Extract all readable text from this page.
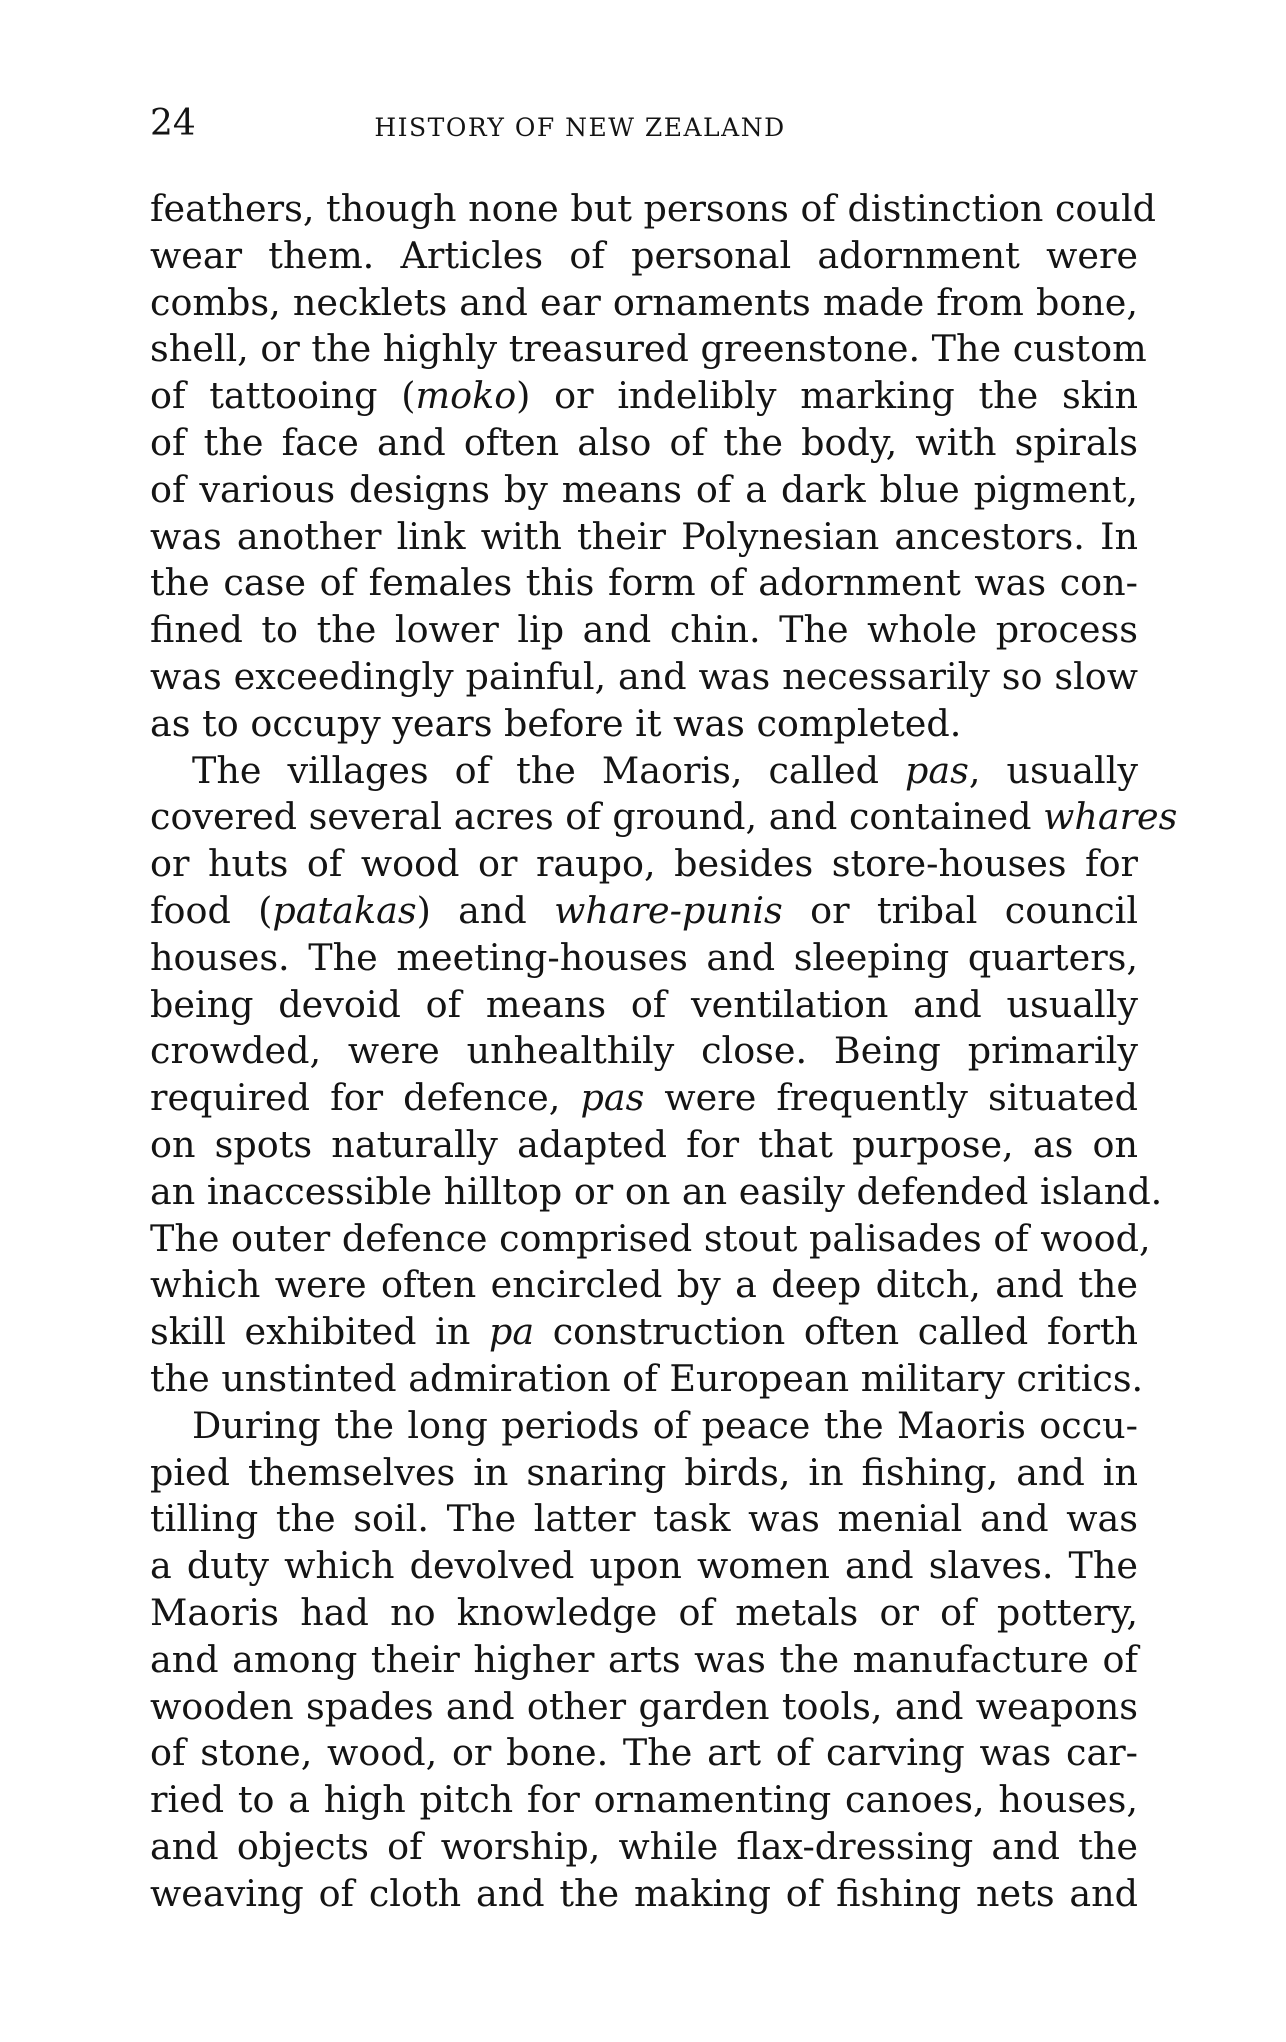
24	HISTORY OF NEW ZEALAND
feathers, though none but persons of distinction could
wear them. Articles of personal adornment were
combs, necklets and ear ornaments made from bone,
shell, or the highly treasured greenstone. The custom
of tattooing (moko) or indelibly marking the skin
of the face and often also of the body, with spirals
of various designs by means of a dark blue pigment,
was another link with their Polynesian ancestors. In
the case of females this form of adornment was con-
fined to the lower lip and chin. The whole process
was exceedingly painful, and was necessarily so slow
as to occupy years before it was completed.
The villages of the Maoris, called pas, usually
covered several acres of ground, and contained whares
or huts of wood or raupo, besides store-houses for
food (patakas) and whare-punis or tribal council
houses. The meeting-houses and sleeping quarters,
being devoid of means of ventilation and usually
crowded, were unhealthily close. Being primarily
required for defence, pas were frequently situated
on spots naturally adapted for that purpose, as on
an inaccessible hilltop or on an easily defended island.
The outer defence comprised stout palisades of wood,
which were often encircled by a deep ditch, and the
skill exhibited in pa construction often called forth
the unstinted admiration of European military critics.
During the long periods of peace the Maoris occu-
pied themselves in snaring birds, in fishing, and in
tilling the soil. The latter task was menial and was
a duty which devolved upon women and slaves. The
Maoris had no knowledge of metals or of pottery,
and among their higher arts was the manufacture of
wooden spades and other garden tools, and weapons
of stone, wood, or bone. The art of carving was car-
ried to a high pitch for ornamenting canoes, houses,
and objects of worship, while flax-dressing and the
weaving of cloth and the making of fishing nets and
